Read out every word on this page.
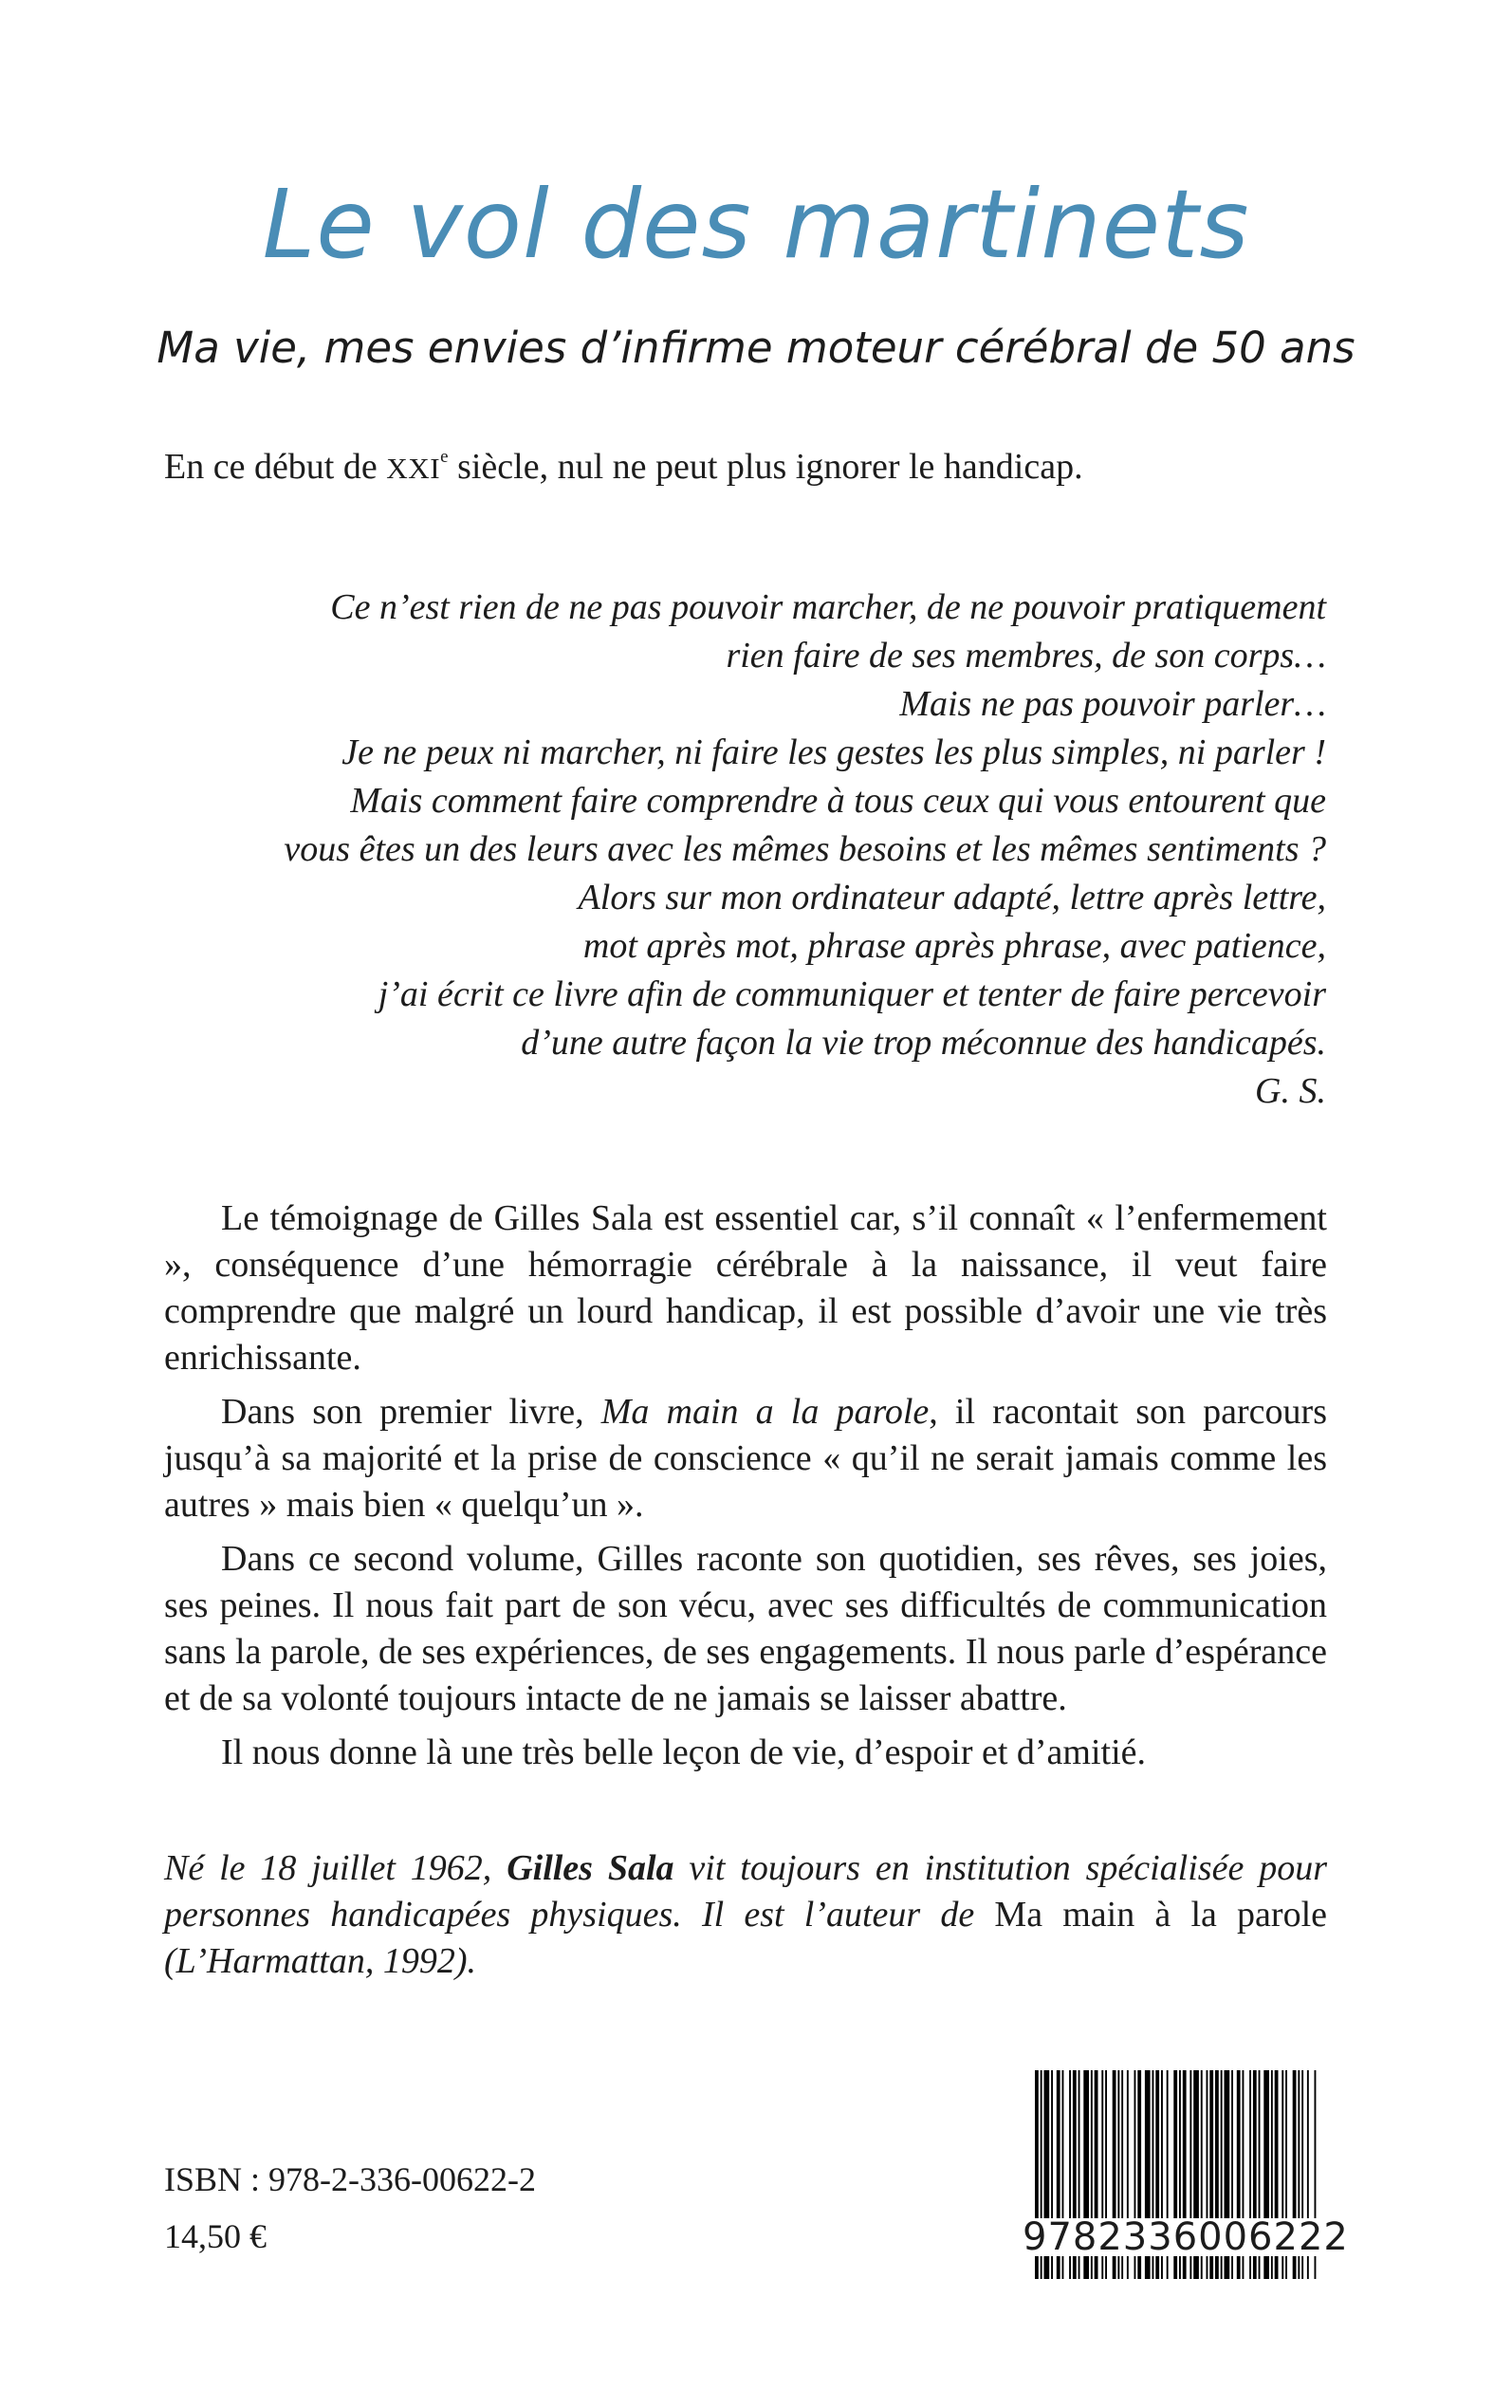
Le vol des martinets
Ma vie, mes envies d’infirme moteur cérébral de 50 ans

En ce début de XXIe siècle, nul ne peut plus ignorer le handicap.

Ce n’est rien de ne pas pouvoir marcher, de ne pouvoir pratiquement
rien faire de ses membres, de son corps…
Mais ne pas pouvoir parler…
Je ne peux ni marcher, ni faire les gestes les plus simples, ni parler !
Mais comment faire comprendre à tous ceux qui vous entourent que
vous êtes un des leurs avec les mêmes besoins et les mêmes sentiments ?
Alors sur mon ordinateur adapté, lettre après lettre,
mot après mot, phrase après phrase, avec patience,
j’ai écrit ce livre afin de communiquer et tenter de faire percevoir
d’une autre façon la vie trop méconnue des handicapés.
G. S.

Le témoignage de Gilles Sala est essentiel car, s’il connaît « l’enfermement », conséquence d’une hémorragie cérébrale à la naissance, il veut faire comprendre que malgré un lourd handicap, il est possible d’avoir une vie très enrichissante.

Dans son premier livre, Ma main a la parole, il racontait son parcours jusqu’à sa majorité et la prise de conscience « qu’il ne serait jamais comme les autres » mais bien « quelqu’un ».

Dans ce second volume, Gilles raconte son quotidien, ses rêves, ses joies, ses peines. Il nous fait part de son vécu, avec ses difficultés de communication sans la parole, de ses expériences, de ses engagements. Il nous parle d’espérance et de sa volonté toujours intacte de ne jamais se laisser abattre.

Il nous donne là une très belle leçon de vie, d’espoir et d’amitié.

Né le 18 juillet 1962, Gilles Sala vit toujours en institution spécialisée pour personnes handicapées physiques. Il est l’auteur de Ma main à la parole (L’Harmattan, 1992).

ISBN : 978-2-336-00622-2

14,50 €	9782336006222
